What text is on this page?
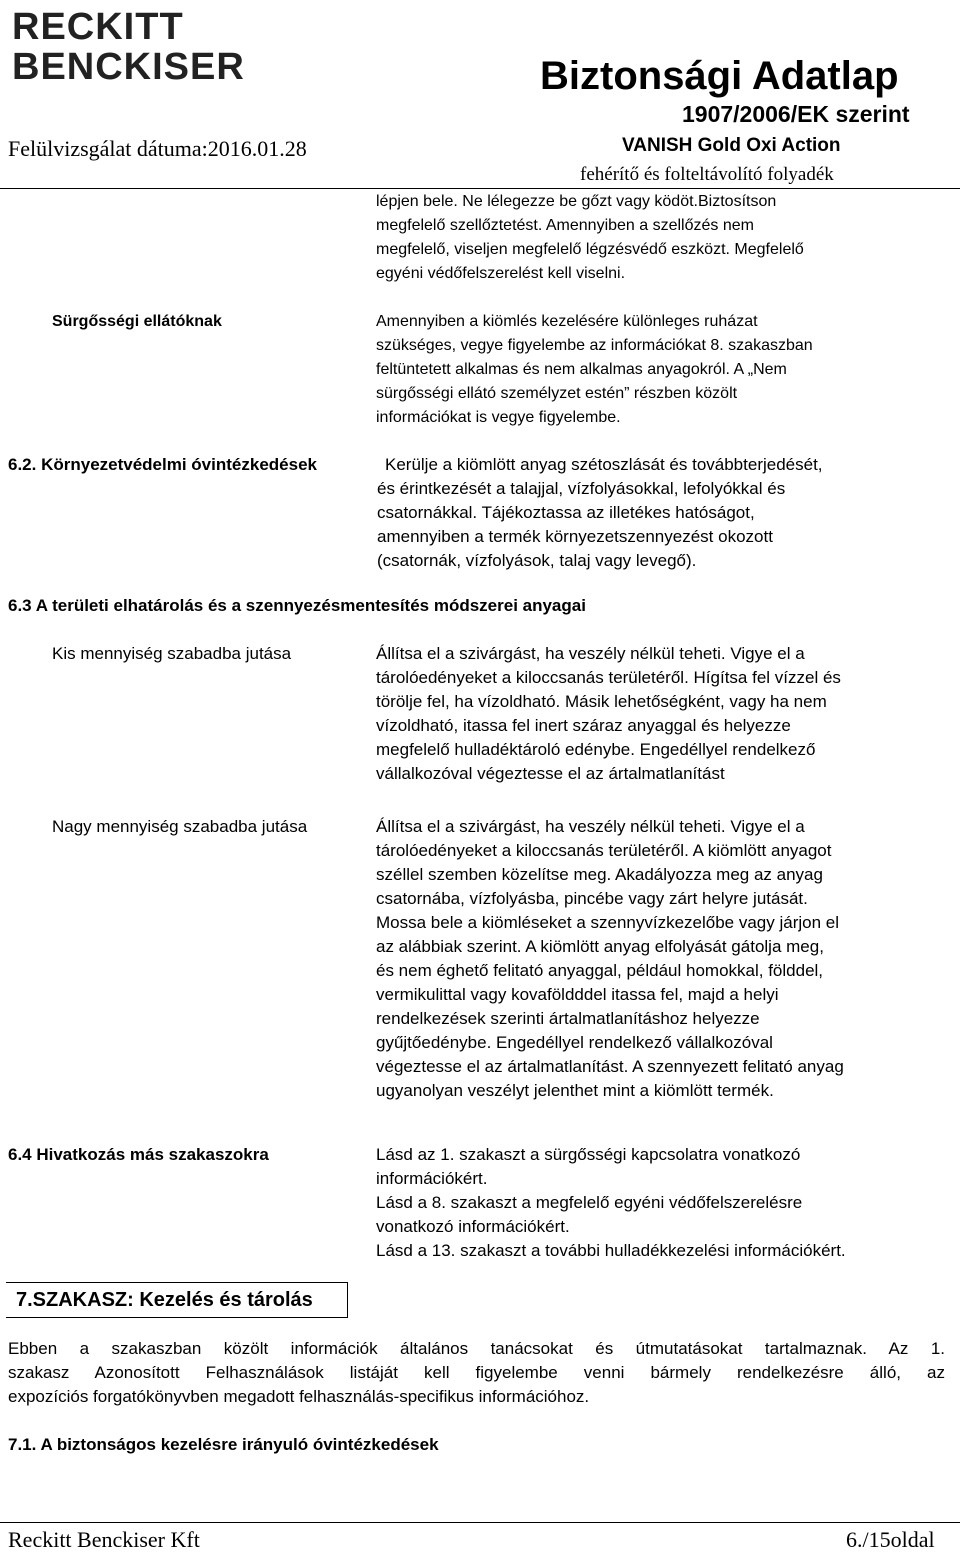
RECKITT
BENCKISER	Biztonsági Adatlap
1907/2006/EK szerint
VANISH Gold Oxi Action
fehérítő és folteltávolító folyadék
Felülvizsgálat dátuma:2016.01.28
lépjen bele. Ne lélegezze be gőzt vagy ködöt.Biztosítson
megfelelő szellőztetést. Amennyiben a szellőzés nem
megfelelő, viseljen megfelelő légzésvédő eszközt. Megfelelő
egyéni védőfelszerelést kell viselni.
Sürgősségi ellátóknak	Amennyiben a kiömlés kezelésére különleges ruházat
szükséges, vegye figyelembe az információkat 8. szakaszban
feltüntetett alkalmas és nem alkalmas anyagokról. A „Nem
sürgősségi ellátó személyzet estén” részben közölt
információkat is vegye figyelembe.
6.2. Környezetvédelmi óvintézkedések	Kerülje a kiömlött anyag szétoszlását és továbbterjedését,
és érintkezését a talajjal, vízfolyásokkal, lefolyókkal és
csatornákkal. Tájékoztassa az illetékes hatóságot,
amennyiben a termék környezetszennyezést okozott
(csatornák, vízfolyások, talaj vagy levegő).
6.3 A területi elhatárolás és a szennyezésmentesítés módszerei anyagai
Kis mennyiség szabadba jutása	Állítsa el a szivárgást, ha veszély nélkül teheti. Vigye el a
tárolóedényeket a kiloccsanás területéről. Hígítsa fel vízzel és
törölje fel, ha vízoldható. Másik lehetőségként, vagy ha nem
vízoldható, itassa fel inert száraz anyaggal és helyezze
megfelelő hulladéktároló edénybe. Engedéllyel rendelkező
vállalkozóval végeztesse el az ártalmatlanítást
Nagy mennyiség szabadba jutása	Állítsa el a szivárgást, ha veszély nélkül teheti. Vigye el a
tárolóedényeket a kiloccsanás területéről. A kiömlött anyagot
széllel szemben közelítse meg. Akadályozza meg az anyag
csatornába, vízfolyásba, pincébe vagy zárt helyre jutását.
Mossa bele a kiömléseket a szennyvízkezelőbe vagy járjon el
az alábbiak szerint. A kiömlött anyag elfolyását gátolja meg,
és nem éghető felitató anyaggal, például homokkal, földdel,
vermikulittal vagy kovaföldddel itassa fel, majd a helyi
rendelkezések szerinti ártalmatlanításhoz helyezze
gyűjtőedénybe. Engedéllyel rendelkező vállalkozóval
végeztesse el az ártalmatlanítást. A szennyezett felitató anyag
ugyanolyan veszélyt jelenthet mint a kiömlött termék.
6.4 Hivatkozás más szakaszokra	Lásd az 1. szakaszt a sürgősségi kapcsolatra vonatkozó
információkért.
Lásd a 8. szakaszt a megfelelő egyéni védőfelszerelésre
vonatkozó információkért.
Lásd a 13. szakaszt a további hulladékkezelési információkért.
7.SZAKASZ: Kezelés és tárolás
Ebben a szakaszban közölt információk általános tanácsokat és útmutatásokat tartalmaznak. Az 1.
szakasz Azonosított Felhasználások listáját kell figyelembe venni bármely rendelkezésre álló, az
expozíciós forgatókönyvben megadott felhasználás-specifikus információhoz.
7.1. A biztonságos kezelésre irányuló óvintézkedések
Reckitt Benckiser Kft	6./15oldal
